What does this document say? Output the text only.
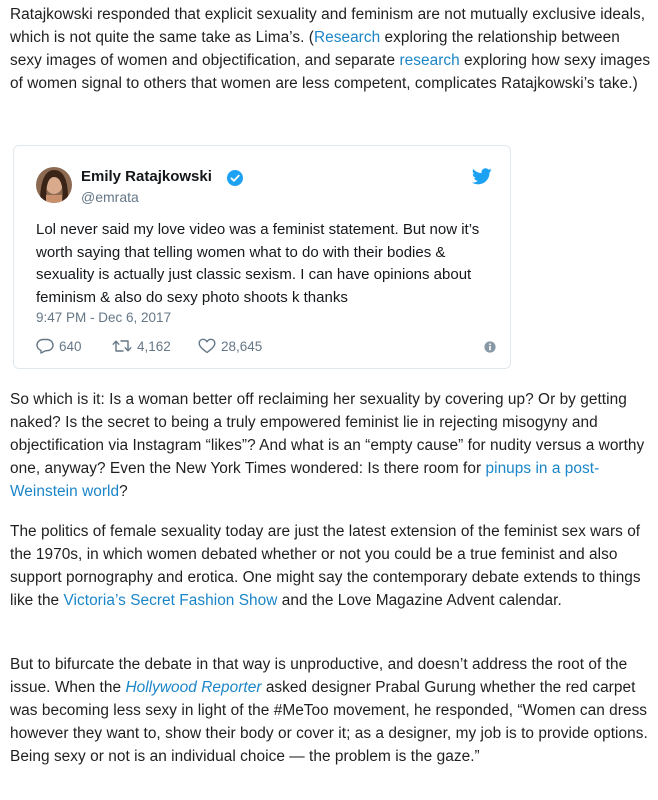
Ratajkowski responded that explicit sexuality and feminism are not mutually exclusive ideals, which is not quite the same take as Lima’s. (Research exploring the relationship between sexy images of women and objectification, and separate research exploring how sexy images of women signal to others that women are less competent, complicates Ratajkowski’s take.)

Emily Ratajkowski
@emrata

Lol never said my love video was a feminist statement. But now it’s worth saying that telling women what to do with their bodies & sexuality is actually just classic sexism. I can have opinions about feminism & also do sexy photo shoots k thanks

9:47 PM - Dec 6, 2017
640	4,162	28,645

So which is it: Is a woman better off reclaiming her sexuality by covering up? Or by getting naked? Is the secret to being a truly empowered feminist lie in rejecting misogyny and objectification via Instagram “likes”? And what is an “empty cause” for nudity versus a worthy one, anyway? Even the New York Times wondered: Is there room for pinups in a post-Weinstein world?

The politics of female sexuality today are just the latest extension of the feminist sex wars of the 1970s, in which women debated whether or not you could be a true feminist and also support pornography and erotica. One might say the contemporary debate extends to things like the Victoria’s Secret Fashion Show and the Love Magazine Advent calendar.

But to bifurcate the debate in that way is unproductive, and doesn’t address the root of the issue. When the Hollywood Reporter asked designer Prabal Gurung whether the red carpet was becoming less sexy in light of the #MeToo movement, he responded, “Women can dress however they want to, show their body or cover it; as a designer, my job is to provide options. Being sexy or not is an individual choice — the problem is the gaze.”
